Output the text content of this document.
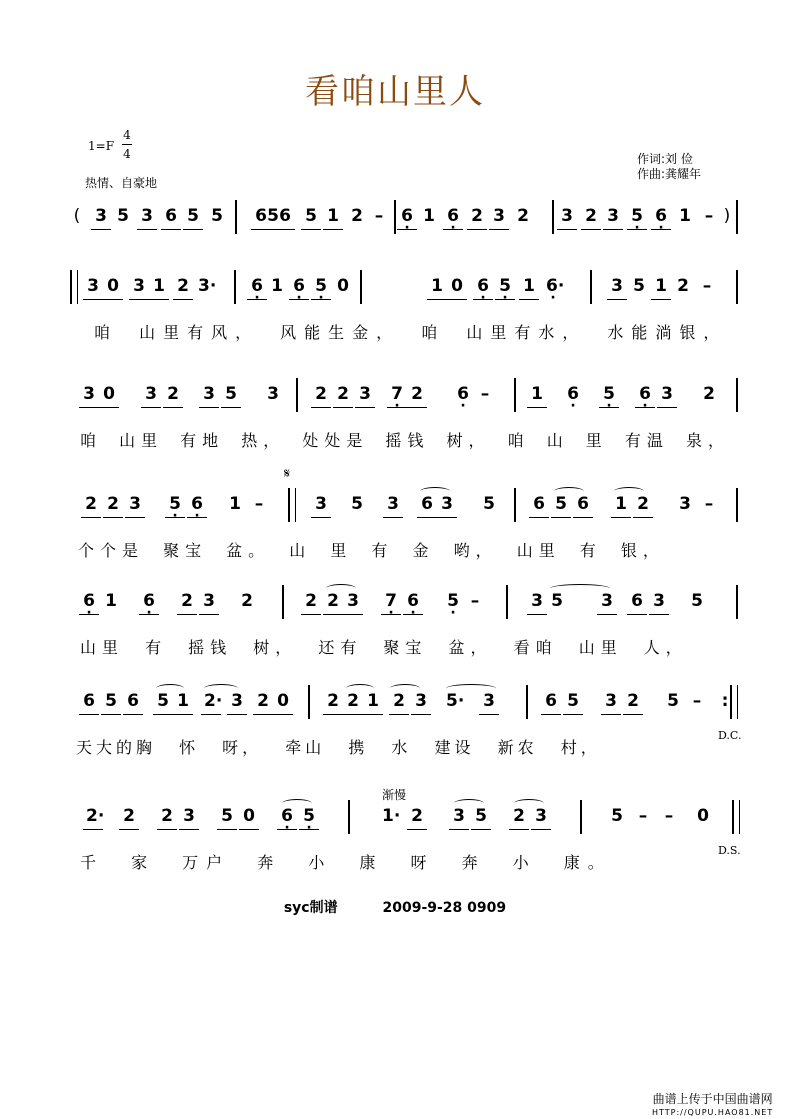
看咱山里人
1=F
4
4
热情、自豪地
作词:刘 俭
作曲:龚耀年
( 3 5 3 6 5 5 6 5 6 5 1 2 – · 6 1 · 6 2 3 2 3 2 3 · 5 · 6 1 – )
3 0 3 1 2 3· · 6 1 · 6 · 5 0	1 0 · 6 · 5 1 · 6·	3 5 1 2 –
咱 山里有风， 风能生金， 咱 山里有水， 水能淌银，
3 0 3 2 3 5 3 2 2 3 · 7 2 · 6 – 1 · 6 · 5 · 6 3 2
咱 山里 有地 热， 处处是 摇钱 树， 咱 山 里 有温 泉，
𝄋
2 2 3 · 5 · 6 1 –	3 5 3 6 3 5 6 5 6 1 2 3 –
个个是 聚宝 盆。 山 里 有 金 哟， 山里 有 银，
· 6 1 · 6 2 3 2	2 2 3 · 7 · 6 · 5 –	3 5 3 6 3 5
山里 有 摇钱 树， 还有 聚宝 盆， 看咱 山里 人，
6 5 6 5 1 2· 3 2 0 2 2 1 2 3 5· 3	6 5 3 2 5 – :
天大的胸 怀 呀， 牵山 携 水 建设 新农 村，
D.C.
渐慢
2· 2 2 3 5 0 · 6 · 5	1· 2 3 5 2 3	5 – – 0
千 家 万户 奔 小 康 呀 奔 小 康。
D.S.
syc制谱	2009-9-28 0909
曲谱上传于中国曲谱网
HTTP://QUPU.HAO81.NET
